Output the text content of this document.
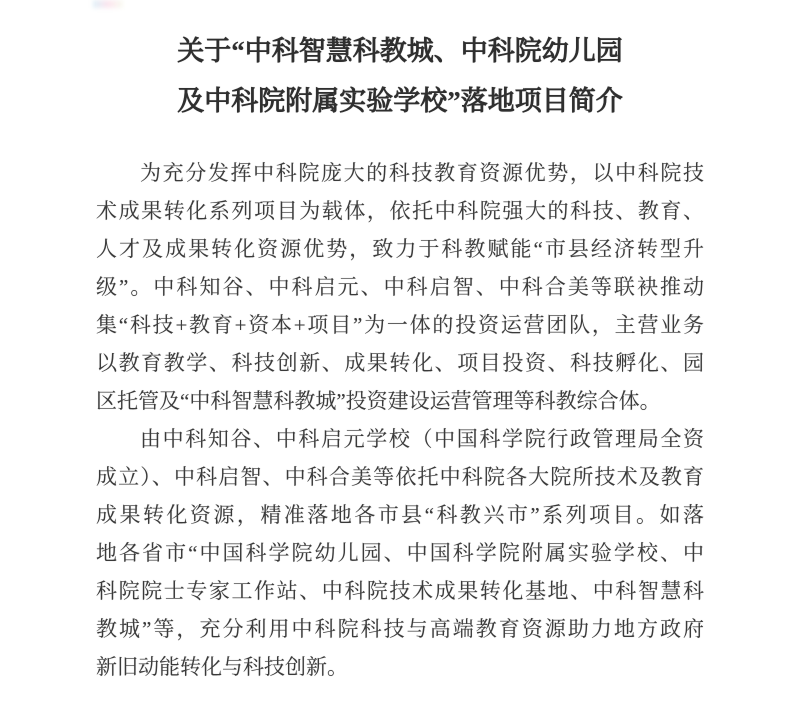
关于“中科智慧科教城、中科院幼儿园
及中科院附属实验学校”落地项目简介
为充分发挥中科院庞大的科技教育资源优势，以中科院技
术成果转化系列项目为载体，依托中科院强大的科技、教育、
人才及成果转化资源优势，致力于科教赋能“市县经济转型升
级”。中科知谷、中科启元、中科启智、中科合美等联袂推动
集“科技+教育+资本+项目”为一体的投资运营团队，主营业务
以教育教学、科技创新、成果转化、项目投资、科技孵化、园
区托管及“中科智慧科教城”投资建设运营管理等科教综合体。
由中科知谷、中科启元学校（中国科学院行政管理局全资
成立）、中科启智、中科合美等依托中科院各大院所技术及教育
成果转化资源，精准落地各市县“科教兴市”系列项目。如落
地各省市“中国科学院幼儿园、中国科学院附属实验学校、中
科院院士专家工作站、中科院技术成果转化基地、中科智慧科
教城”等，充分利用中科院科技与高端教育资源助力地方政府
新旧动能转化与科技创新。
